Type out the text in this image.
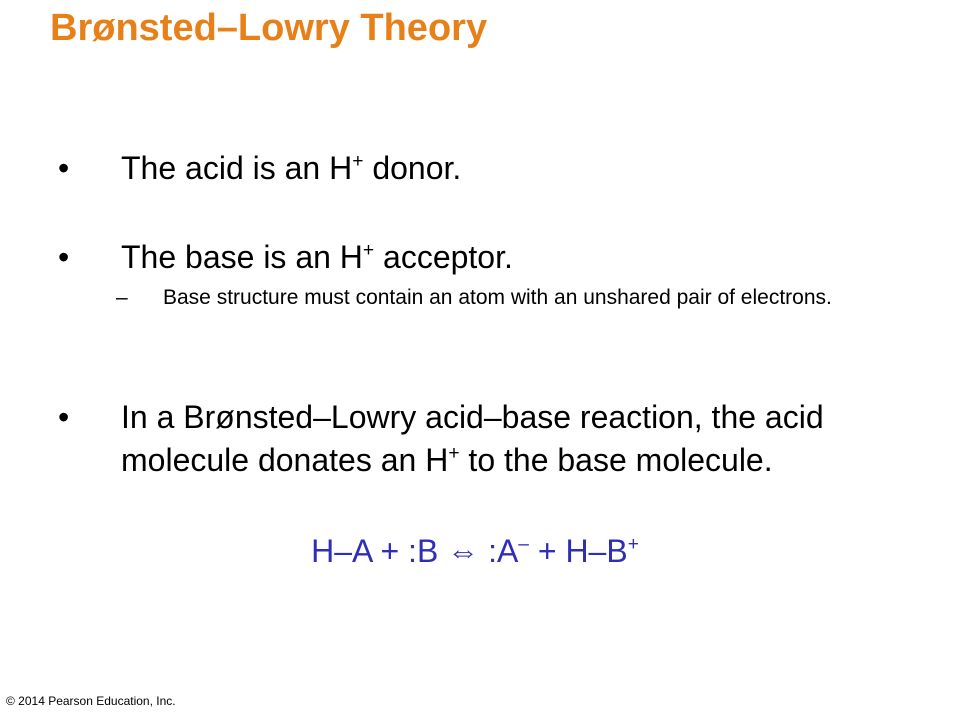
Brønsted–Lowry Theory
• The acid is an H+ donor.
• The base is an H+ acceptor.
– Base structure must contain an atom with an unshared pair of electrons.
• In a Brønsted–Lowry acid–base reaction, the acid molecule donates an H+ to the base molecule.
H–A + :B ⇔ :A– + H–B+
© 2014 Pearson Education, Inc.
